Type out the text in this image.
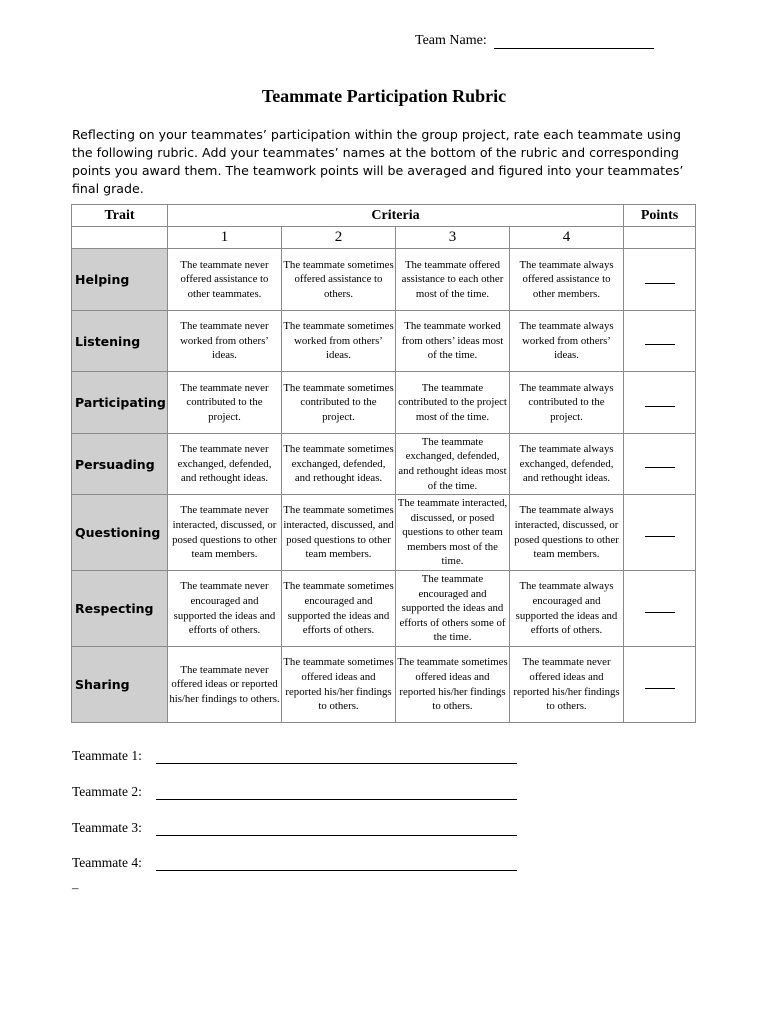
Team Name:
Teammate Participation Rubric
Reflecting on your teammates’ participation within the group project, rate each teammate using the following rubric. Add your teammates’ names at the bottom of the rubric and corresponding points you award them. The teamwork points will be averaged and figured into your teammates’ final grade.
Trait	Criteria				Points
	1	2	3	4	
Helping	The teammate never offered assistance to other teammates.	The teammate sometimes offered assistance to others.	The teammate offered assistance to each other most of the time.	The teammate always offered assistance to other members.	
Listening	The teammate never worked from others’ ideas.	The teammate sometimes worked from others’ ideas.	The teammate worked from others’ ideas most of the time.	The teammate always worked from others’ ideas.	
Participating	The teammate never contributed to the project.	The teammate sometimes contributed to the project.	The teammate contributed to the project most of the time.	The teammate always contributed to the project.	
Persuading	The teammate never exchanged, defended, and rethought ideas.	The teammate sometimes exchanged, defended, and rethought ideas.	The teammate exchanged, defended, and rethought ideas most of the time.	The teammate always exchanged, defended, and rethought ideas.	
Questioning	The teammate never interacted, discussed, or posed questions to other team members.	The teammate sometimes interacted, discussed, and posed questions to other team members.	The teammate interacted, discussed, or posed questions to other team members most of the time.	The teammate always interacted, discussed, or posed questions to other team members.	
Respecting	The teammate never encouraged and supported the ideas and efforts of others.	The teammate sometimes encouraged and supported the ideas and efforts of others.	The teammate encouraged and supported the ideas and efforts of others some of the time.	The teammate always encouraged and supported the ideas and efforts of others.	
Sharing	The teammate never offered ideas or reported his/her findings to others.	The teammate sometimes offered ideas and reported his/her findings to others.	The teammate sometimes offered ideas and reported his/her findings to others.	The teammate never offered ideas and reported his/her findings to others.	
Teammate 1:
Teammate 2:
Teammate 3:
Teammate 4:
–
